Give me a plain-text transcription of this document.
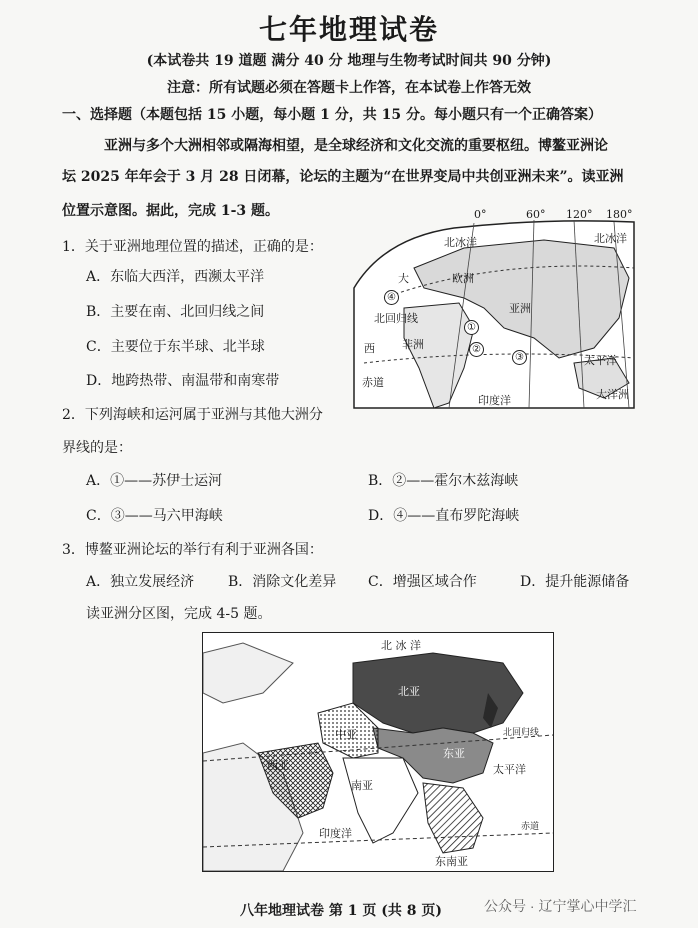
七年地理试卷
(本试卷共 19 道题 满分 40 分 地理与生物考试时间共 90 分钟)
注意：所有试题必须在答题卡上作答，在本试卷上作答无效
一、选择题（本题包括 15 小题，每小题 1 分，共 15 分。每小题只有一个正确答案）
亚洲与多个大洲相邻或隔海相望，是全球经济和文化交流的重要枢纽。博鳌亚洲论
坛 2025 年年会于 3 月 28 日闭幕，论坛的主题为“在世界变局中共创亚洲未来”。读亚洲
位置示意图。据此，完成 1-3 题。
1．关于亚洲地理位置的描述，正确的是：
A．东临大西洋，西濒太平洋
B．主要在南、北回归线之间
C．主要位于东半球、北半球
D．地跨热带、南温带和南寒带
2．下列海峡和运河属于亚洲与其他大洲分
界线的是：
A．①——苏伊士运河	B．②——霍尔木兹海峡
C．③——马六甲海峡	D．④——直布罗陀海峡
3．博鳌亚洲论坛的举行有利于亚洲各国：
A．独立发展经济 B．消除文化差异 C．增强区域合作	D．提升能源储备
读亚洲分区图，完成 4-5 题。
0°	60° 120° 180°
北冰洋	北冰洋
欧洲
亚洲
非洲
太平洋
印度洋
北回归线
赤道
大洋洲
西
大
①
②
③
④
北 冰 洋
北亚
东亚
中亚
西亚
南亚
东南亚
太平洋
印度洋
北回归线
赤道
八年地理试卷 第 1 页 (共 8 页)	公众号 · 辽宁掌心中学汇
